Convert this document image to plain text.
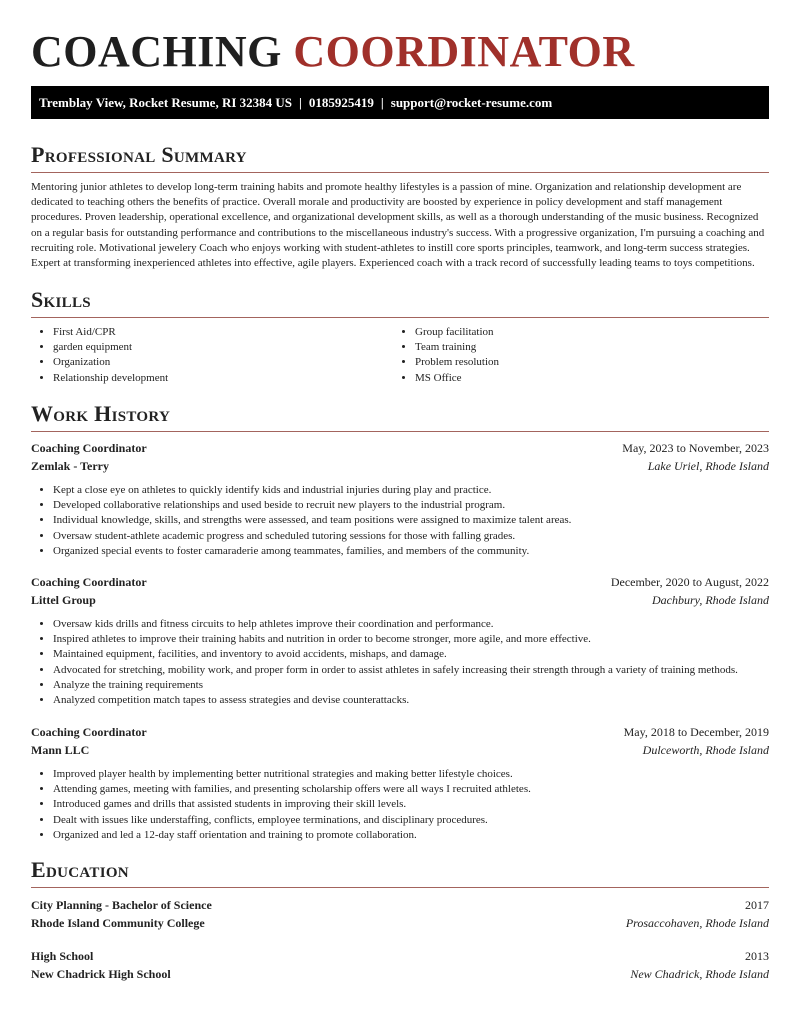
COACHING COORDINATOR
Tremblay View, Rocket Resume, RI 32384 US | 0185925419 | support@rocket-resume.com
Professional Summary

Mentoring junior athletes to develop long-term training habits and promote healthy lifestyles is a passion of mine. Organization and relationship development are dedicated to teaching others the benefits of practice. Overall morale and productivity are boosted by experience in policy development and staff management procedures. Proven leadership, operational excellence, and organizational development skills, as well as a thorough understanding of the music business. Recognized on a regular basis for outstanding performance and contributions to the miscellaneous industry's success. With a progressive organization, I'm pursuing a coaching and recruiting role. Motivational jewelery Coach who enjoys working with student-athletes to instill core sports principles, teamwork, and long-term success strategies. Expert at transforming inexperienced athletes into effective, agile players. Experienced coach with a track record of successfully leading teams to toys competitions.

Skills
• First Aid/CPR
• garden equipment
• Organization
• Relationship development
• Group facilitation
• Team training
• Problem resolution
• MS Office
Work History
Coaching Coordinator	May, 2023 to November, 2023
Zemlak - Terry	Lake Uriel, Rhode Island
• Kept a close eye on athletes to quickly identify kids and industrial injuries during play and practice.
• Developed collaborative relationships and used beside to recruit new players to the industrial program.
• Individual knowledge, skills, and strengths were assessed, and team positions were assigned to maximize talent areas.
• Oversaw student-athlete academic progress and scheduled tutoring sessions for those with falling grades.
• Organized special events to foster camaraderie among teammates, families, and members of the community.
Coaching Coordinator	December, 2020 to August, 2022
Littel Group	Dachbury, Rhode Island
• Oversaw kids drills and fitness circuits to help athletes improve their coordination and performance.
• Inspired athletes to improve their training habits and nutrition in order to become stronger, more agile, and more effective.
• Maintained equipment, facilities, and inventory to avoid accidents, mishaps, and damage.
• Advocated for stretching, mobility work, and proper form in order to assist athletes in safely increasing their strength through a variety of training methods.
• Analyze the training requirements
• Analyzed competition match tapes to assess strategies and devise counterattacks.
Coaching Coordinator	May, 2018 to December, 2019
Mann LLC	Dulceworth, Rhode Island
• Improved player health by implementing better nutritional strategies and making better lifestyle choices.
• Attending games, meeting with families, and presenting scholarship offers were all ways I recruited athletes.
• Introduced games and drills that assisted students in improving their skill levels.
• Dealt with issues like understaffing, conflicts, employee terminations, and disciplinary procedures.
• Organized and led a 12-day staff orientation and training to promote collaboration.
Education
City Planning - Bachelor of Science	2017
Rhode Island Community College	Prosaccohaven, Rhode Island
High School	2013
New Chadrick High School	New Chadrick, Rhode Island
